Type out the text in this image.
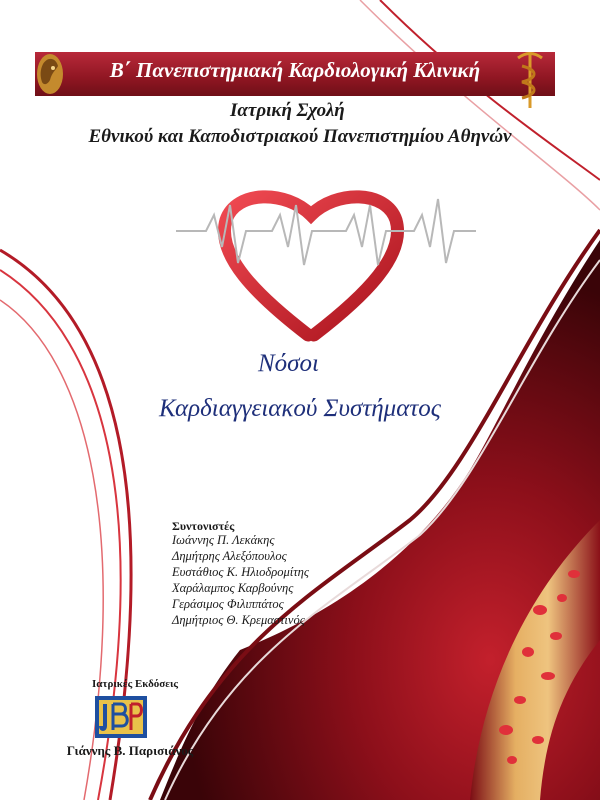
Β΄ Πανεπιστημιακή Καρδιολογική Κλινική
Ιατρική Σχολή
Εθνικού και Καποδιστριακού Πανεπιστημίου Αθηνών
Νόσοι
Καρδιαγγειακού Συστήματος
Συντονιστές
Ιωάννης Π. Λεκάκης
Δημήτρης Αλεξόπουλος
Ευστάθιος Κ. Ηλιοδρομίτης
Χαράλαμπος Καρβούνης
Γεράσιμος Φιλιππάτος
Δημήτριος Θ. Κρεμαστινός
Ιατρικές Εκδόσεις
Γιάννης Β. Παρισιάνος
